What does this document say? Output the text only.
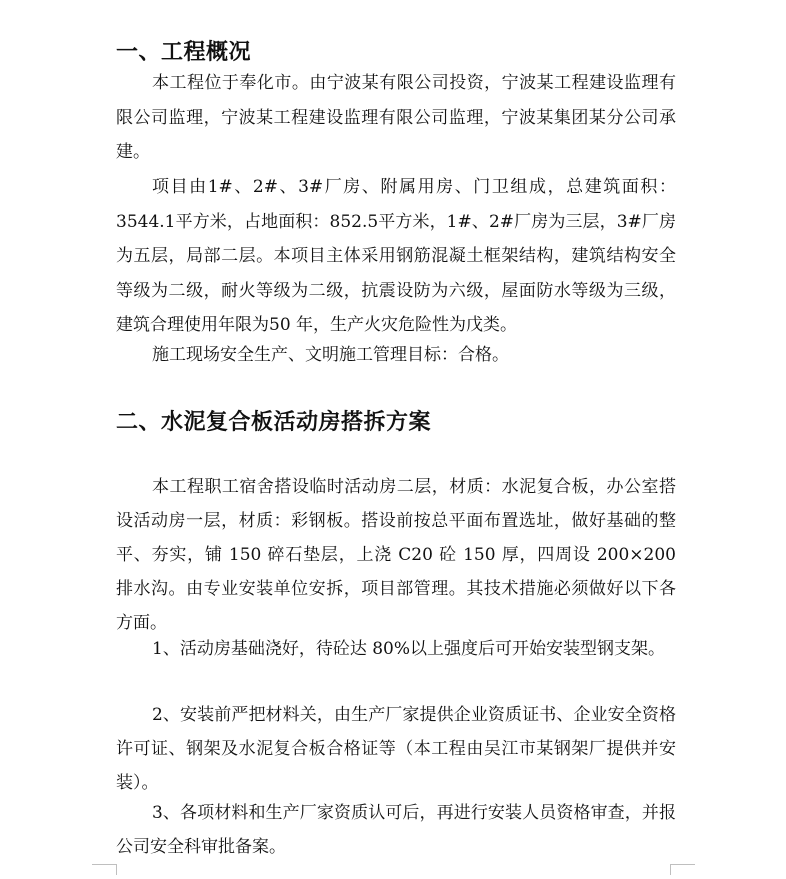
一、工程概况

本工程位于奉化市。由宁波某有限公司投资，宁波某工程建设监理有限公司监理，宁波某工程建设监理有限公司监理，宁波某集团某分公司承建。

项目由1#、2#、3#厂房、附属用房、门卫组成，总建筑面积：3544.1平方米，占地面积：852.5平方米，1#、2#厂房为三层，3#厂房为五层，局部二层。本项目主体采用钢筋混凝土框架结构，建筑结构安全等级为二级，耐火等级为二级，抗震设防为六级，屋面防水等级为三级，建筑合理使用年限为50 年，生产火灾危险性为戊类。

施工现场安全生产、文明施工管理目标：合格。

二、水泥复合板活动房搭拆方案

本工程职工宿舍搭设临时活动房二层，材质：水泥复合板，办公室搭设活动房一层，材质：彩钢板。搭设前按总平面布置选址，做好基础的整平、夯实，铺 150 碎石垫层，上浇 C20 砼 150 厚，四周设 200×200 排水沟。由专业安装单位安拆，项目部管理。其技术措施必须做好以下各方面。

1、活动房基础浇好，待砼达 80%以上强度后可开始安装型钢支架。

2、安装前严把材料关，由生产厂家提供企业资质证书、企业安全资格许可证、钢架及水泥复合板合格证等（本工程由吴江市某钢架厂提供并安装）。

3、各项材料和生产厂家资质认可后，再进行安装人员资格审查，并报公司安全科审批备案。
